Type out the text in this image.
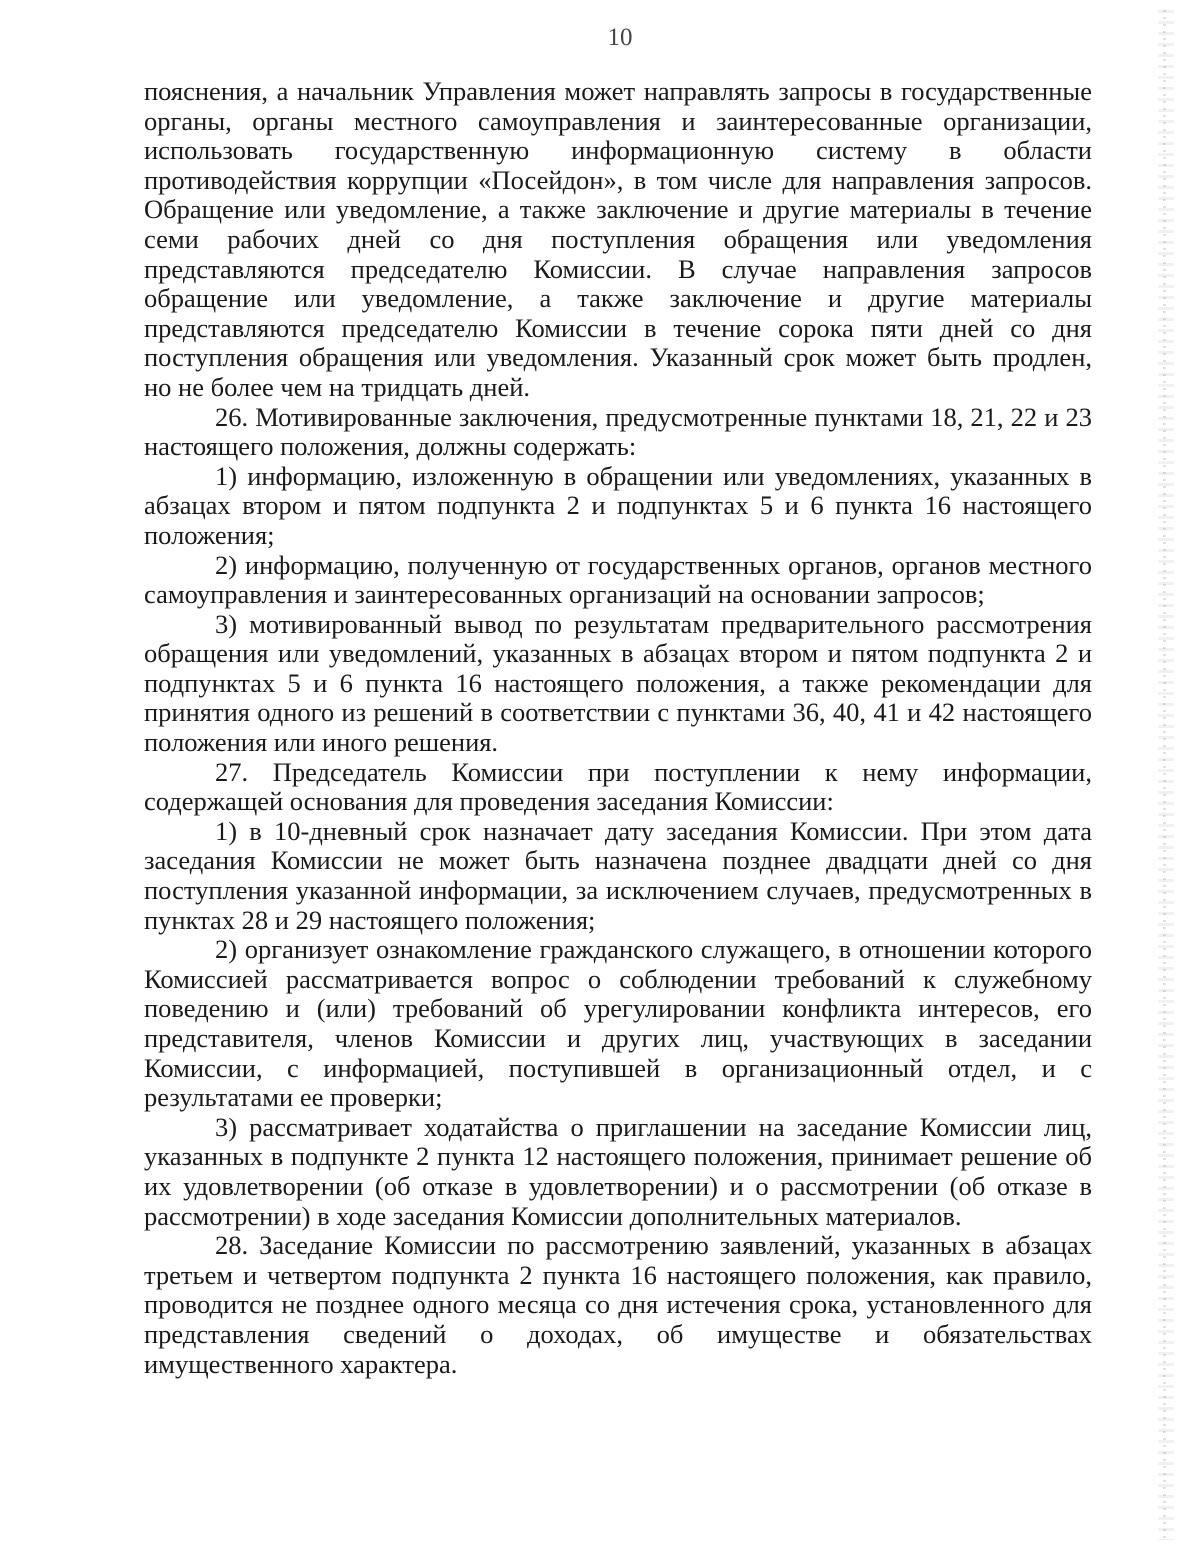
10

пояснения, а начальник Управления может направлять запросы в государственные органы, органы местного самоуправления и заинтересованные организации, использовать государственную информационную систему в области противодействия коррупции «Посейдон», в том числе для направления запросов. Обращение или уведомление, а также заключение и другие материалы в течение семи рабочих дней со дня поступления обращения или уведомления представляются председателю Комиссии. В случае направления запросов обращение или уведомление, а также заключение и другие материалы представляются председателю Комиссии в течение сорока пяти дней со дня поступления обращения или уведомления. Указанный срок может быть продлен, но не более чем на тридцать дней.

26. Мотивированные заключения, предусмотренные пунктами 18, 21, 22 и 23 настоящего положения, должны содержать:

1) информацию, изложенную в обращении или уведомлениях, указанных в абзацах втором и пятом подпункта 2 и подпунктах 5 и 6 пункта 16 настоящего положения;

2) информацию, полученную от государственных органов, органов местного самоуправления и заинтересованных организаций на основании запросов;

3) мотивированный вывод по результатам предварительного рассмотрения обращения или уведомлений, указанных в абзацах втором и пятом подпункта 2 и подпунктах 5 и 6 пункта 16 настоящего положения, а также рекомендации для принятия одного из решений в соответствии с пунктами 36, 40, 41 и 42 настоящего положения или иного решения.

27. Председатель Комиссии при поступлении к нему информации, содержащей основания для проведения заседания Комиссии:

1) в 10-дневный срок назначает дату заседания Комиссии. При этом дата заседания Комиссии не может быть назначена позднее двадцати дней со дня поступления указанной информации, за исключением случаев, предусмотренных в пунктах 28 и 29 настоящего положения;

2) организует ознакомление гражданского служащего, в отношении которого Комиссией рассматривается вопрос о соблюдении требований к служебному поведению и (или) требований об урегулировании конфликта интересов, его представителя, членов Комиссии и других лиц, участвующих в заседании Комиссии, с информацией, поступившей в организационный отдел, и с результатами ее проверки;

3) рассматривает ходатайства о приглашении на заседание Комиссии лиц, указанных в подпункте 2 пункта 12 настоящего положения, принимает решение об их удовлетворении (об отказе в удовлетворении) и о рассмотрении (об отказе в рассмотрении) в ходе заседания Комиссии дополнительных материалов.

28. Заседание Комиссии по рассмотрению заявлений, указанных в абзацах третьем и четвертом подпункта 2 пункта 16 настоящего положения, как правило, проводится не позднее одного месяца со дня истечения срока, установленного для представления сведений о доходах, об имуществе и обязательствах имущественного характера.
